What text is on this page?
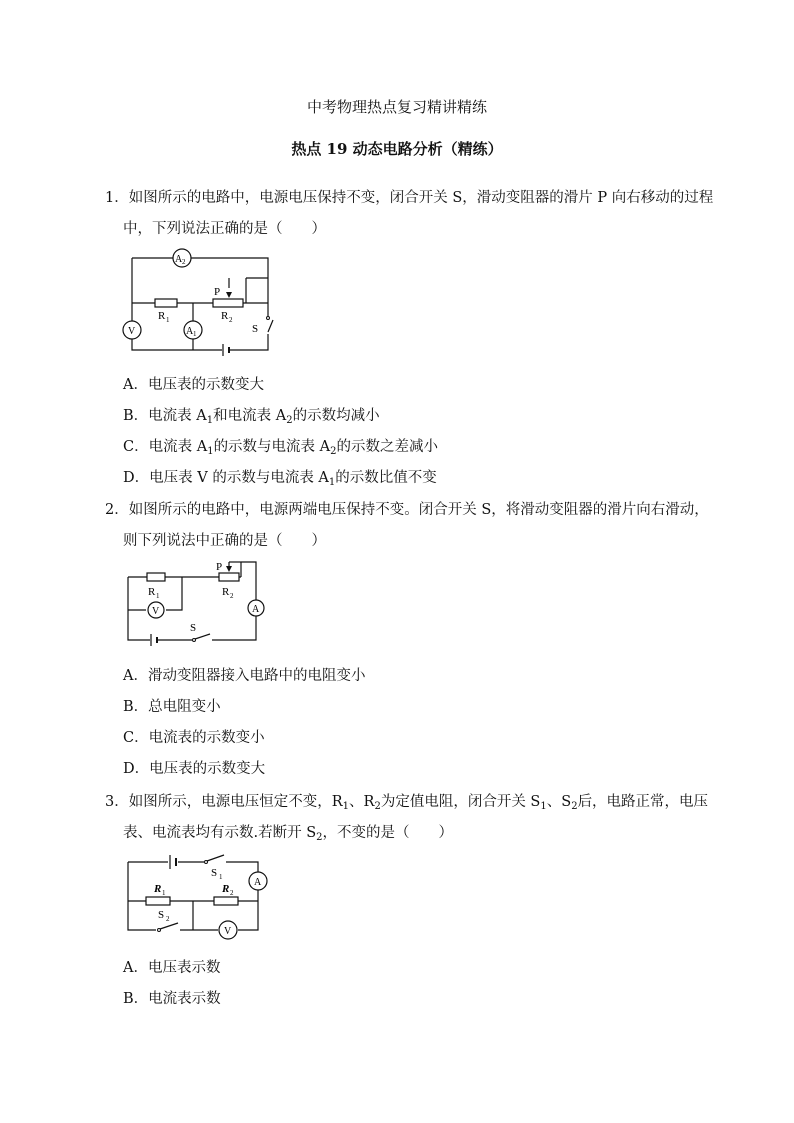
中考物理热点复习精讲精练
热点 19 动态电路分析（精练）
1．如图所示的电路中，电源电压保持不变，闭合开关 S，滑动变阻器的滑片 P 向右移动的过程
中，下列说法正确的是（　　）
A 2
R 1
P
R 2
V	A 1	S
A．电压表的示数变大
B．电流表 $A_1$和电流表 $A_2$的示数均减小
C．电流表 $A_1$的示数与电流表 $A_2$的示数之差减小
D．电压表 V 的示数与电流表 $A_1$的示数比值不变
2．如图所示的电路中，电源两端电压保持不变。闭合开关 S，将滑动变阻器的滑片向右滑动，
则下列说法中正确的是（　　）
R 1
V
P
R 2
A
S
A．滑动变阻器接入电路中的电阻变小
B．总电阻变小
C．电流表的示数变小
D．电压表的示数变大
3．如图所示，电源电压恒定不变，$R_1$、$R_2$为定值电阻，闭合开关 $S_1$、$S_2$后，电路正常，电压
表、电流表均有示数.若断开 $S_2$，不变的是（　　）
S 1	A
R 1	R 2
S 2
V
A．电压表示数
B．电流表示数
